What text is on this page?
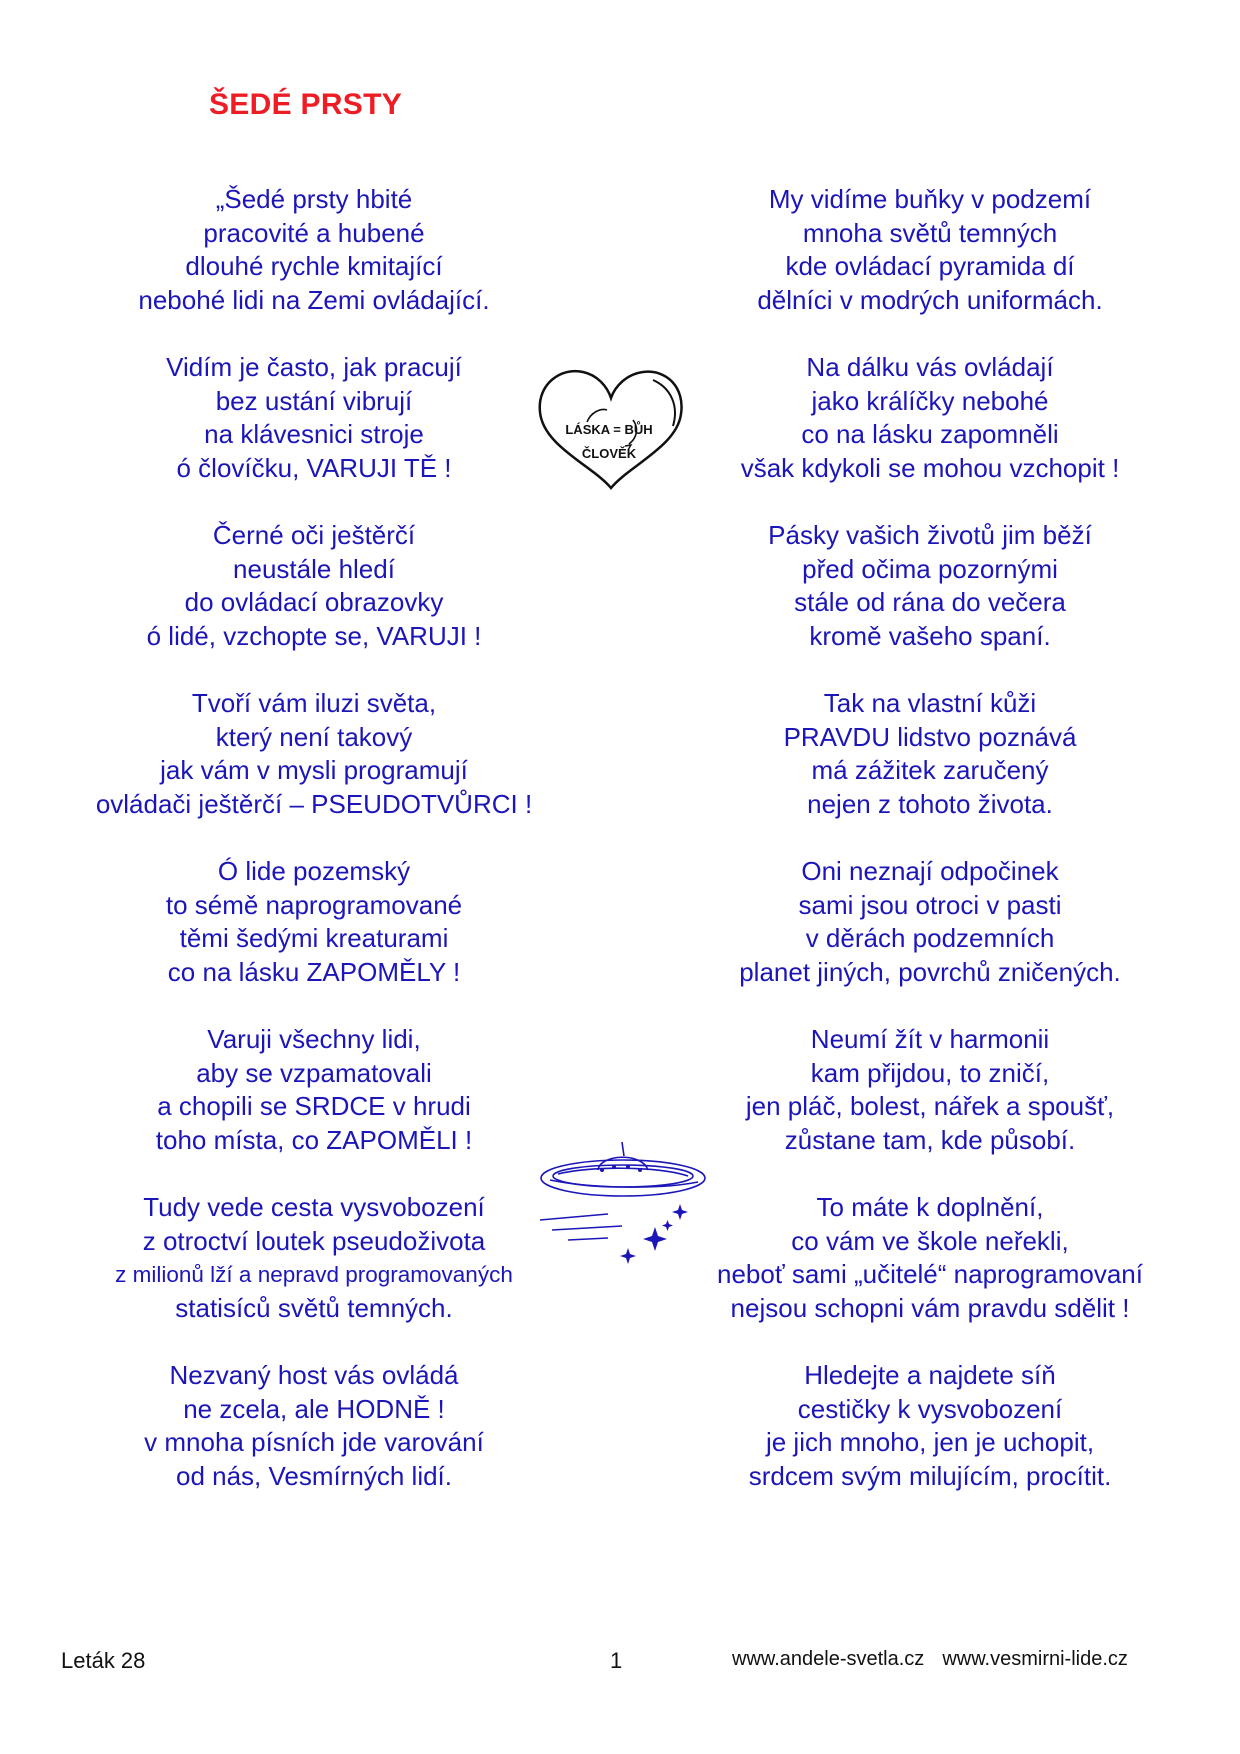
ŠEDÉ PRSTY
„Šedé prsty hbité
pracovité a hubené
dlouhé rychle kmitající
nebohé lidi na Zemi ovládající.
Vidím je často, jak pracují
bez ustání vibrují
na klávesnici stroje
ó človíčku, VARUJI TĚ !
Černé oči ještěrčí
neustále hledí
do ovládací obrazovky
ó lidé, vzchopte se, VARUJI !
Tvoří vám iluzi světa,
který není takový
jak vám v mysli programují
ovládači ještěrčí – PSEUDOTVŮRCI !
Ó lide pozemský
to sémě naprogramované
těmi šedými kreaturami
co na lásku ZAPOMĚLY !
Varuji všechny lidi,
aby se vzpamatovali
a chopili se SRDCE v hrudi
toho místa, co ZAPOMĚLI !
Tudy vede cesta vysvobození
z otroctví loutek pseudoživota
z milionů lží a nepravd programovaných
statisíců světů temných.
Nezvaný host vás ovládá
ne zcela, ale HODNĚ !
v mnoha písních jde varování
od nás, Vesmírných lidí.
My vidíme buňky v podzemí
mnoha světů temných
kde ovládací pyramida dí
dělníci v modrých uniformách.
Na dálku vás ovládají
jako králíčky nebohé
co na lásku zapomněli
však kdykoli se mohou vzchopit !
Pásky vašich životů jim běží
před očima pozornými
stále od rána do večera
kromě vašeho spaní.
Tak na vlastní kůži
PRAVDU lidstvo poznává
má zážitek zaručený
nejen z tohoto života.
Oni neznají odpočinek
sami jsou otroci v pasti
v děrách podzemních
planet jiných, povrchů zničených.
Neumí žít v harmonii
kam přijdou, to zničí,
jen pláč, bolest, nářek a spoušť,
zůstane tam, kde působí.
To máte k doplnění,
co vám ve škole neřekli,
neboť sami „učitelé“ naprogramovaní
nejsou schopni vám pravdu sdělit !
Hledejte a najdete síň
cestičky k vysvobození
je jich mnoho, jen je uchopit,
srdcem svým milujícím, procítit.
LÁSKA = BŮH
ČLOVĚK
Leták 28	1	www.andele-svetla.cz www.vesmirni-lide.cz
